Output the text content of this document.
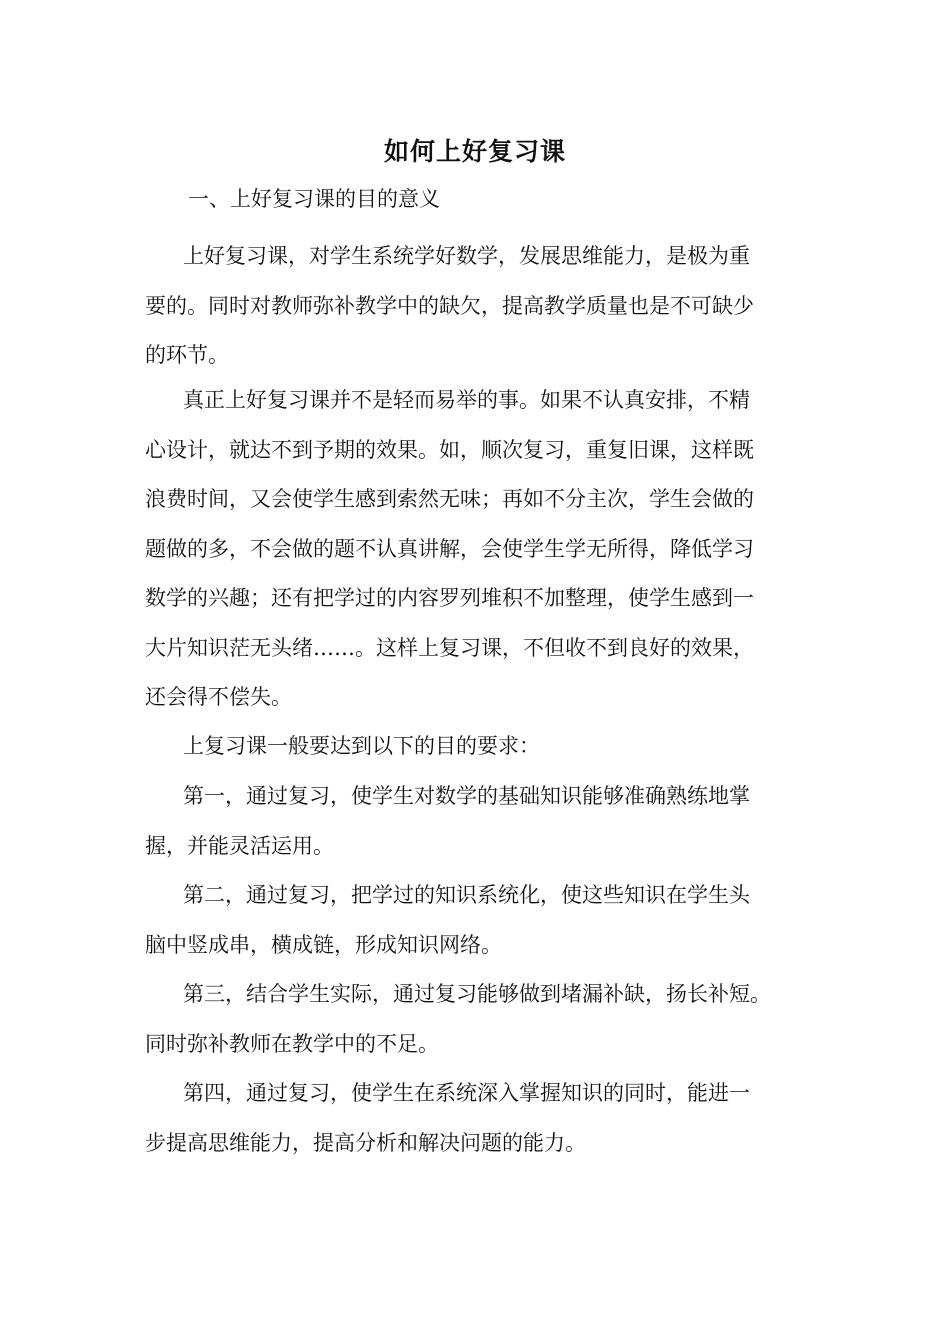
如何上好复习课
一、上好复习课的目的意义
上好复习课，对学生系统学好数学，发展思维能力，是极为重
要的。同时对教师弥补教学中的缺欠，提高教学质量也是不可缺少
的环节。
真正上好复习课并不是轻而易举的事。如果不认真安排，不精
心设计，就达不到予期的效果。如，顺次复习，重复旧课，这样既
浪费时间，又会使学生感到索然无味；再如不分主次，学生会做的
题做的多，不会做的题不认真讲解，会使学生学无所得，降低学习
数学的兴趣；还有把学过的内容罗列堆积不加整理，使学生感到一
大片知识茫无头绪……。这样上复习课，不但收不到良好的效果，
还会得不偿失。
上复习课一般要达到以下的目的要求：
第一，通过复习，使学生对数学的基础知识能够准确熟练地掌
握，并能灵活运用。
第二，通过复习，把学过的知识系统化，使这些知识在学生头
脑中竖成串，横成链，形成知识网络。
第三，结合学生实际，通过复习能够做到堵漏补缺，扬长补短。
同时弥补教师在教学中的不足。
第四，通过复习，使学生在系统深入掌握知识的同时，能进一
步提高思维能力，提高分析和解决问题的能力。
